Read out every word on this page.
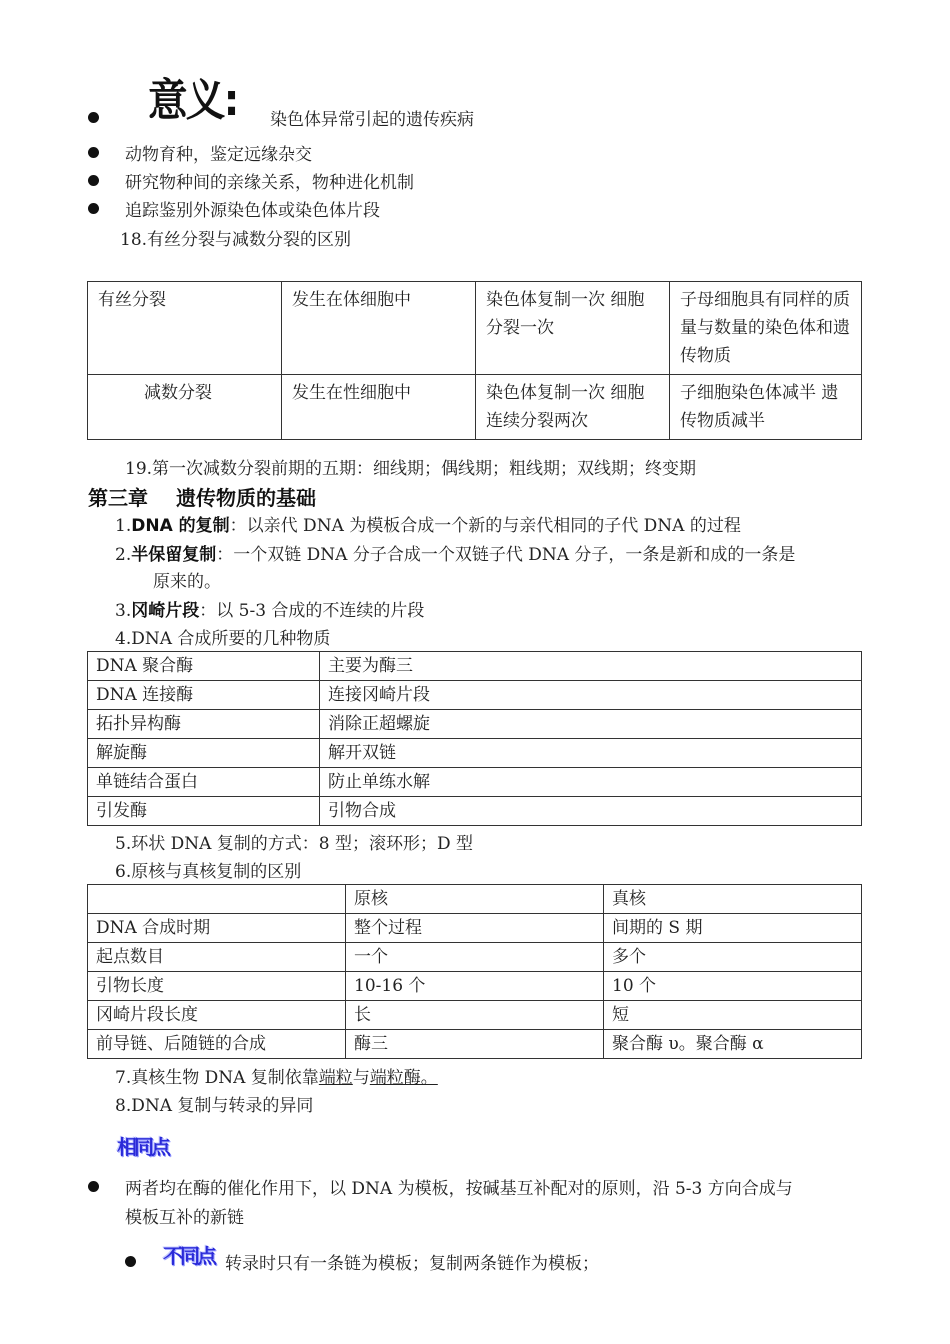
意义: 染色体异常引起的遗传疾病
动物育种，鉴定远缘杂交
研究物种间的亲缘关系，物种进化机制
追踪鉴别外源染色体或染色体片段
18.有丝分裂与减数分裂的区别
有丝分裂	发生在体细胞中	染色体复制一次 细胞分裂一次	子母细胞具有同样的质量与数量的染色体和遗传物质
减数分裂	发生在性细胞中	染色体复制一次 细胞连续分裂两次	子细胞染色体减半 遗传物质减半
19.第一次减数分裂前期的五期：细线期；偶线期；粗线期；双线期；终变期
第三章 遗传物质的基础
1.DNA 的复制：以亲代 DNA 为模板合成一个新的与亲代相同的子代 DNA 的过程
2.半保留复制：一个双链 DNA 分子合成一个双链子代 DNA 分子，一条是新和成的一条是
原来的。
3.冈崎片段：以 5-3 合成的不连续的片段
4.DNA 合成所要的几种物质
DNA 聚合酶	主要为酶三
DNA 连接酶	连接冈崎片段
拓扑异构酶	消除正超螺旋
解旋酶	解开双链
单链结合蛋白	防止单练水解
引发酶	引物合成
5.环状 DNA 复制的方式：8 型；滚环形；D 型
6.原核与真核复制的区别
	原核	真核
DNA 合成时期	整个过程	间期的 S 期
起点数目	一个	多个
引物长度	10-16 个	10 个
冈崎片段长度	长	短
前导链、后随链的合成	酶三	聚合酶 υ。聚合酶 α
7.真核生物 DNA 复制依靠端粒与端粒酶。
8.DNA 复制与转录的异同
相同点
两者均在酶的催化作用下，以 DNA 为模板，按碱基互补配对的原则，沿 5-3 方向合成与
模板互补的新链
不同点 转录时只有一条链为模板；复制两条链作为模板；
